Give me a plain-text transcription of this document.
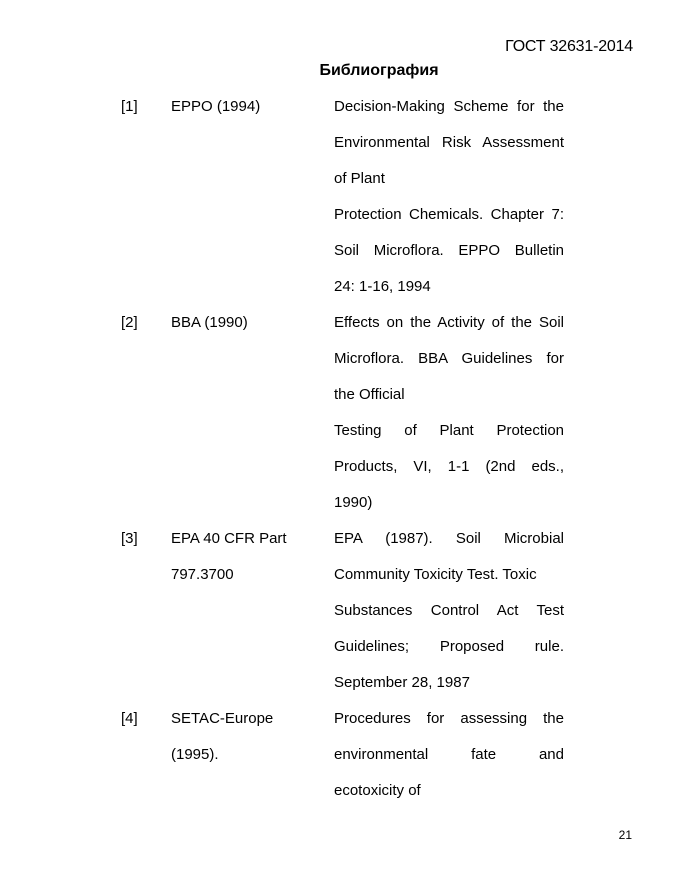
ГОСТ 32631-2014
Библиография
[1] EPPO (1994)	Decision-Making Scheme for the
Environmental Risk Assessment
of Plant
Protection Chemicals. Chapter 7:
Soil Microflora. EPPO Bulletin
24: 1-16, 1994
[2] BBA (1990)	Effects on the Activity of the Soil
Microflora. BBA Guidelines for
the Official
Testing of Plant Protection
Products, VI, 1-1 (2nd eds.,
1990)
[3] EPA 40 CFR Part
797.3700
EPA (1987). Soil Microbial
Community Toxicity Test. Toxic
Substances Control Act Test
Guidelines; Proposed rule.
September 28, 1987
[4] SETAC-Europe
(1995).
Procedures for assessing the
environmental fate and
ecotoxicity of
21
